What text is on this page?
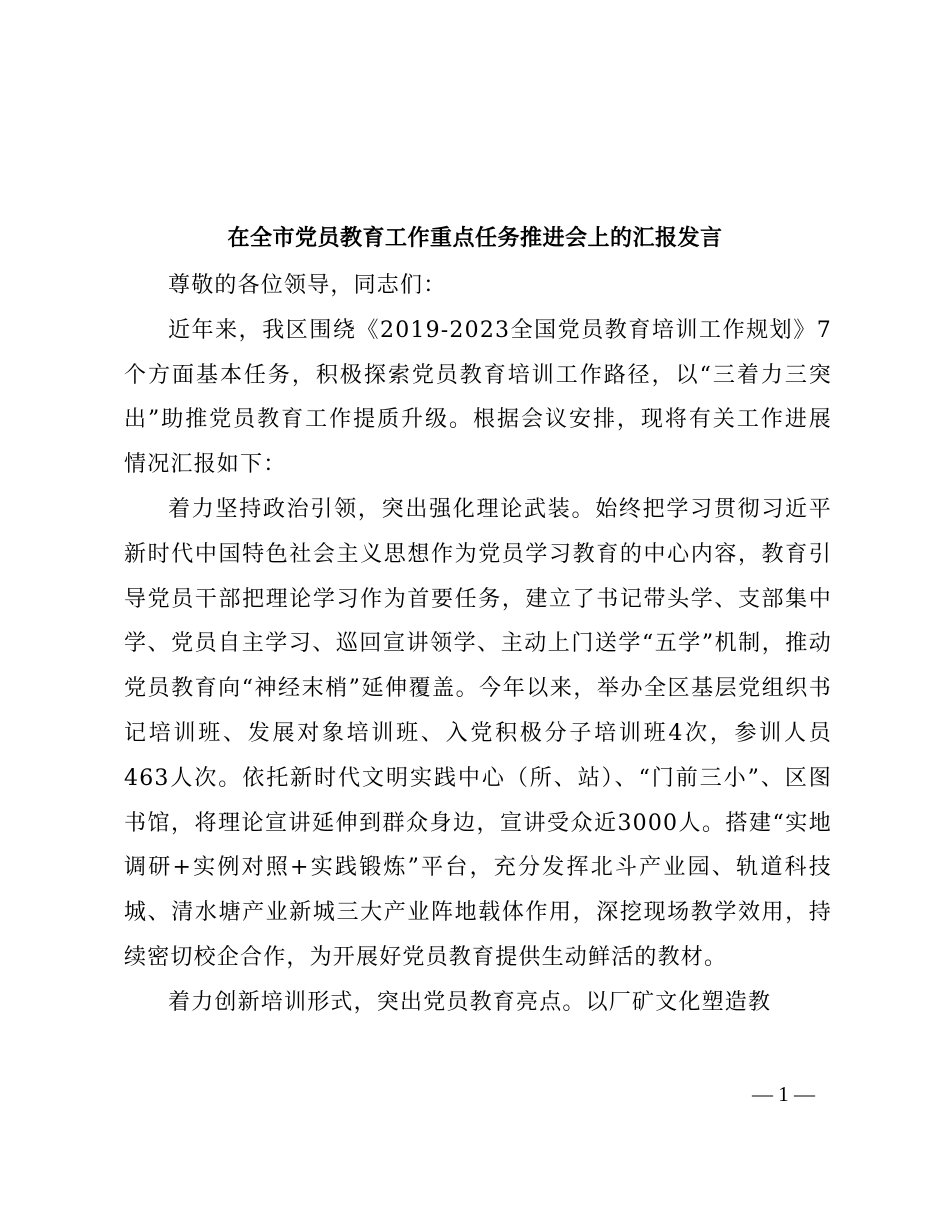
在全市党员教育工作重点任务推进会上的汇报发言

尊敬的各位领导，同志们：

近年来，我区围绕《2019-2023全国党员教育培训工作规划》7个方面基本任务，积极探索党员教育培训工作路径，以“三着力三突出”助推党员教育工作提质升级。根据会议安排，现将有关工作进展情况汇报如下：

着力坚持政治引领，突出强化理论武装。始终把学习贯彻习近平新时代中国特色社会主义思想作为党员学习教育的中心内容，教育引导党员干部把理论学习作为首要任务，建立了书记带头学、支部集中学、党员自主学习、巡回宣讲领学、主动上门送学“五学”机制，推动党员教育向“神经末梢”延伸覆盖。今年以来，举办全区基层党组织书记培训班、发展对象培训班、入党积极分子培训班4次，参训人员463人次。依托新时代文明实践中心（所、站）、“门前三小”、区图书馆，将理论宣讲延伸到群众身边，宣讲受众近3000人。搭建“实地调研+实例对照+实践锻炼”平台，充分发挥北斗产业园、轨道科技城、清水塘产业新城三大产业阵地载体作用，深挖现场教学效用，持续密切校企合作，为开展好党员教育提供生动鲜活的教材。

着力创新培训形式，突出党员教育亮点。以厂矿文化塑造教

— 1 —
